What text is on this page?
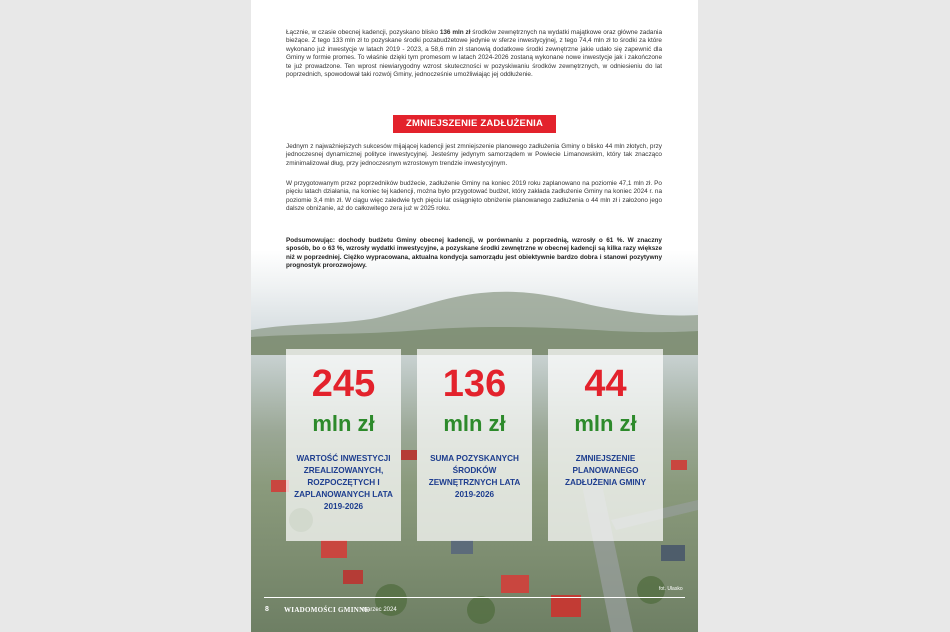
Łącznie, w czasie obecnej kadencji, pozyskano blisko 136 mln zł środków zewnętrznych na wydatki majątkowe oraz główne zadania bieżące. Z tego 133 mln zł to pozyskane środki pozabudżetowe jedynie w sferze inwestycyjnej, z tego 74,4 mln zł to środki za które wykonano już inwestycje w latach 2019 - 2023, a 58,6 mln zł stanowią dodatkowe środki zewnętrzne jakie udało się zapewnić dla Gminy w formie promes. To właśnie dzięki tym promesom w latach 2024-2026 zostaną wykonane nowe inwestycje jak i zakończone te już prowadzone. Ten wprost niewiarygodny wzrost skuteczności w pozyskiwaniu środków zewnętrznych, w odniesieniu do lat poprzednich, spowodował taki rozwój Gminy, jednocześnie umożliwiając jej oddłużenie.

ZMNIEJSZENIE ZADŁUŻENIA

Jednym z najważniejszych sukcesów mijającej kadencji jest zmniejszenie planowego zadłużenia Gminy o blisko 44 mln złotych, przy jednoczesnej dynamicznej polityce inwestycyjnej. Jesteśmy jedynym samorządem w Powiecie Limanowskim, który tak znacząco zminimalizował dług, przy jednoczesnym wzrostowym trendzie inwestycyjnym.

W przygotowanym przez poprzedników budżecie, zadłużenie Gminy na koniec 2019 roku zaplanowano na poziomie 47,1 mln zł. Po pięciu latach działania, na koniec tej kadencji, można było przygotować budżet, który zakłada zadłużenie Gminy na koniec 2024 r. na poziomie 3,4 mln zł. W ciągu więc zaledwie tych pięciu lat osiągnięto obniżenie planowanego zadłużenia o 44 mln zł i założono jego dalsze obniżanie, aż do całkowitego zera już w 2025 roku.

Podsumowując: dochody budżetu Gminy obecnej kadencji, w porównaniu z poprzednią, wzrosły o 61 %. W znaczny sposób, bo o 63 %, wzrosły wydatki inwestycyjne, a pozyskane środki zewnętrzne w obecnej kadencji są kilka razy większe niż w poprzedniej. Ciężko wypracowana, aktualna kondycja samorządu jest obiektywnie bardzo dobra i stanowi pozytywny prognostyk prorozwojowy.

245
mln zł
WARTOŚĆ INWESTYCJI ZREALIZOWANYCH, ROZPOCZĘTYCH I ZAPLANOWANYCH LATA 2019-2026
136
mln zł
SUMA POZYSKANYCH ŚRODKÓW ZEWNĘTRZNYCH LATA 2019-2026
44
mln zł
ZMNIEJSZENIE PLANOWANEGO ZADŁUŻENIA GMINY
fot. Ulasko
8 WIADOMOŚCI GMINNE
marzec 2024
